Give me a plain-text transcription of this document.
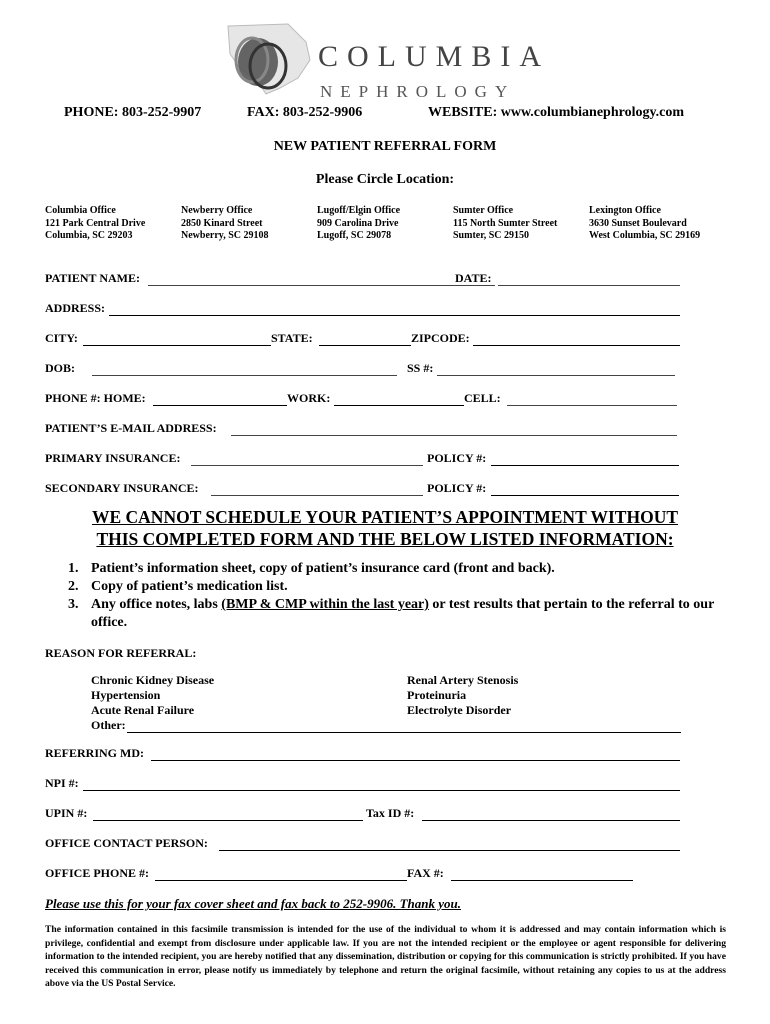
COLUMBIA
NEPHROLOGY
PHONE: 803-252-9907	FAX: 803-252-9906	WEBSITE: www.columbianephrology.com
NEW PATIENT REFERRAL FORM
Please Circle Location:
Columbia Office
121 Park Central Drive
Columbia, SC 29203
Newberry Office
2850 Kinard Street
Newberry, SC 29108
Lugoff/Elgin Office
909 Carolina Drive
Lugoff, SC 29078
Sumter Office
115 North Sumter Street
Sumter, SC 29150
Lexington Office
3630 Sunset Boulevard
West Columbia, SC 29169
PATIENT NAME:	DATE:
ADDRESS:
CITY:	STATE:	ZIPCODE:
DOB:	SS #:
PHONE #: HOME:	WORK:	CELL:
PATIENT’S E-MAIL ADDRESS:
PRIMARY INSURANCE:	POLICY #:
SECONDARY INSURANCE:	POLICY #:
WE CANNOT SCHEDULE YOUR PATIENT’S APPOINTMENT WITHOUT
THIS COMPLETED FORM AND THE BELOW LISTED INFORMATION:
1. Patient’s information sheet, copy of patient’s insurance card (front and back).
2. Copy of patient’s medication list.
3. Any office notes, labs (BMP & CMP within the last year) or test results that pertain to the referral to our office.
REASON FOR REFERRAL:
Chronic Kidney Disease
Hypertension
Acute Renal Failure
Renal Artery Stenosis
Proteinuria
Electrolyte Disorder
Other:
REFERRING MD:
NPI #:
UPIN #:	Tax ID #:
OFFICE CONTACT PERSON:
OFFICE PHONE #:	FAX #:
Please use this for your fax cover sheet and fax back to 252-9906. Thank you.
The information contained in this facsimile transmission is intended for the use of the individual to whom it is addressed and may contain information which is privilege, confidential and exempt from disclosure under applicable law. If you are not the intended recipient or the employee or agent responsible for delivering information to the intended recipient, you are hereby notified that any dissemination, distribution or copying for this communication is strictly prohibited. If you have received this communication in error, please notify us immediately by telephone and return the original facsimile, without retaining any copies to us at the address above via the US Postal Service.
